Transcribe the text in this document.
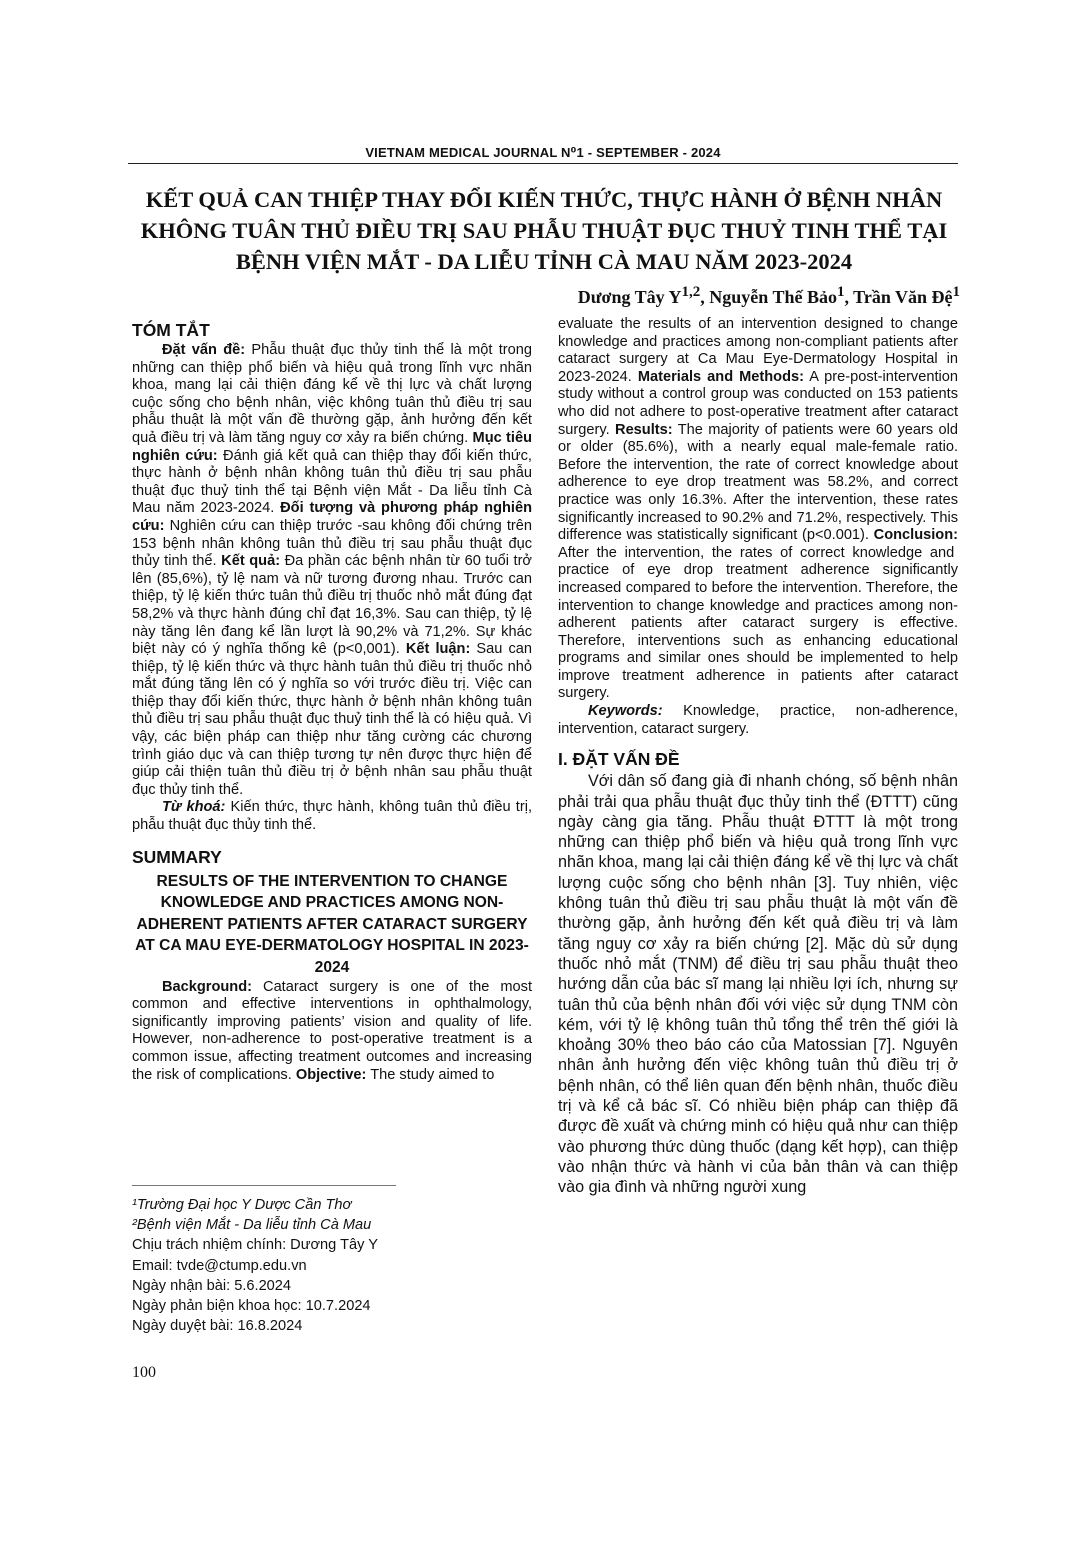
VIETNAM MEDICAL JOURNAL N⁰1 - SEPTEMBER - 2024
KẾT QUẢ CAN THIỆP THAY ĐỔI KIẾN THỨC, THỰC HÀNH Ở BỆNH NHÂN KHÔNG TUÂN THỦ ĐIỀU TRỊ SAU PHẪU THUẬT ĐỤC THUỶ TINH THỂ TẠI BỆNH VIỆN MẮT - DA LIỄU TỈNH CÀ MAU NĂM 2023-2024
Dương Tây Y$^{1,2}$, Nguyễn Thế Bảo$^1$, Trần Văn Đệ$^1$
TÓM TẮT

Đặt vấn đề: Phẫu thuật đục thủy tinh thể là một trong những can thiệp phổ biến và hiệu quả trong lĩnh vực nhãn khoa, mang lại cải thiện đáng kể về thị lực và chất lượng cuộc sống cho bệnh nhân, việc không tuân thủ điều trị sau phẫu thuật là một vấn đề thường gặp, ảnh hưởng đến kết quả điều trị và làm tăng nguy cơ xảy ra biến chứng. Mục tiêu nghiên cứu: Đánh giá kết quả can thiệp thay đổi kiến thức, thực hành ở bệnh nhân không tuân thủ điều trị sau phẫu thuật đục thuỷ tinh thể tại Bệnh viện Mắt - Da liễu tỉnh Cà Mau năm 2023-2024. Đối tượng và phương pháp nghiên cứu: Nghiên cứu can thiệp trước -sau không đối chứng trên 153 bệnh nhân không tuân thủ điều trị sau phẫu thuật đục thủy tinh thể. Kết quả: Đa phần các bệnh nhân từ 60 tuổi trở lên (85,6%), tỷ lệ nam và nữ tương đương nhau. Trước can thiệp, tỷ lệ kiến thức tuân thủ điều trị thuốc nhỏ mắt đúng đạt 58,2% và thực hành đúng chỉ đạt 16,3%. Sau can thiệp, tỷ lệ này tăng lên đang kể lần lượt là 90,2% và 71,2%. Sự khác biệt này có ý nghĩa thống kê (p<0,001). Kết luận: Sau can thiệp, tỷ lệ kiến thức và thực hành tuân thủ điều trị thuốc nhỏ mắt đúng tăng lên có ý nghĩa so với trước điều trị. Việc can thiệp thay đổi kiến thức, thực hành ở bệnh nhân không tuân thủ điều trị sau phẫu thuật đục thuỷ tinh thể là có hiệu quả. Vì vậy, các biện pháp can thiệp như tăng cường các chương trình giáo dục và can thiệp tương tự nên được thực hiện để giúp cải thiện tuân thủ điều trị ở bệnh nhân sau phẫu thuật đục thủy tinh thể.

Từ khoá: Kiến thức, thực hành, không tuân thủ điều trị, phẫu thuật đục thủy tinh thể.

SUMMARY
RESULTS OF THE INTERVENTION TO CHANGE KNOWLEDGE AND PRACTICES AMONG NON-ADHERENT PATIENTS AFTER CATARACT SURGERY AT CA MAU EYE-DERMATOLOGY HOSPITAL IN 2023-2024

Background: Cataract surgery is one of the most common and effective interventions in ophthalmology, significantly improving patients’ vision and quality of life. However, non-adherence to post-operative treatment is a common issue, affecting treatment outcomes and increasing the risk of complications. Objective: The study aimed to

evaluate the results of an intervention designed to change knowledge and practices among non-compliant patients after cataract surgery at Ca Mau Eye-Dermatology Hospital in 2023-2024. Materials and Methods: A pre-post-intervention study without a control group was conducted on 153 patients who did not adhere to post-operative treatment after cataract surgery. Results: The majority of patients were 60 years old or older (85.6%), with a nearly equal male-female ratio. Before the intervention, the rate of correct knowledge about adherence to eye drop treatment was 58.2%, and correct practice was only 16.3%. After the intervention, these rates significantly increased to 90.2% and 71.2%, respectively. This difference was statistically significant (p<0.001). Conclusion: After the intervention, the rates of correct knowledge and practice of eye drop treatment adherence significantly increased compared to before the intervention. Therefore, the intervention to change knowledge and practices among non-adherent patients after cataract surgery is effective. Therefore, interventions such as enhancing educational programs and similar ones should be implemented to help improve treatment adherence in patients after cataract surgery.

Keywords: Knowledge, practice, non-adherence, intervention, cataract surgery.

I. ĐẶT VẤN ĐỀ

Với dân số đang già đi nhanh chóng, số bệnh nhân phải trải qua phẫu thuật đục thủy tinh thể (ĐTTT) cũng ngày càng gia tăng. Phẫu thuật ĐTTT là một trong những can thiệp phổ biến và hiệu quả trong lĩnh vực nhãn khoa, mang lại cải thiện đáng kể về thị lực và chất lượng cuộc sống cho bệnh nhân [3]. Tuy nhiên, việc không tuân thủ điều trị sau phẫu thuật là một vấn đề thường gặp, ảnh hưởng đến kết quả điều trị và làm tăng nguy cơ xảy ra biến chứng [2]. Mặc dù sử dụng thuốc nhỏ mắt (TNM) để điều trị sau phẫu thuật theo hướng dẫn của bác sĩ mang lại nhiều lợi ích, nhưng sự tuân thủ của bệnh nhân đối với việc sử dụng TNM còn kém, với tỷ lệ không tuân thủ tổng thể trên thế giới là khoảng 30% theo báo cáo của Matossian [7]. Nguyên nhân ảnh hưởng đến việc không tuân thủ điều trị ở bệnh nhân, có thể liên quan đến bệnh nhân, thuốc điều trị và kể cả bác sĩ. Có nhiều biện pháp can thiệp đã được đề xuất và chứng minh có hiệu quả như can thiệp vào phương thức dùng thuốc (dạng kết hợp), can thiệp vào nhận thức và hành vi của bản thân và can thiệp vào gia đình và những người xung

¹Trường Đại học Y Dược Cần Thơ
²Bệnh viện Mắt - Da liễu tỉnh Cà Mau
Chịu trách nhiệm chính: Dương Tây Y
Email: tvde@ctump.edu.vn
Ngày nhận bài: 5.6.2024
Ngày phản biện khoa học: 10.7.2024
Ngày duyệt bài: 16.8.2024
100
